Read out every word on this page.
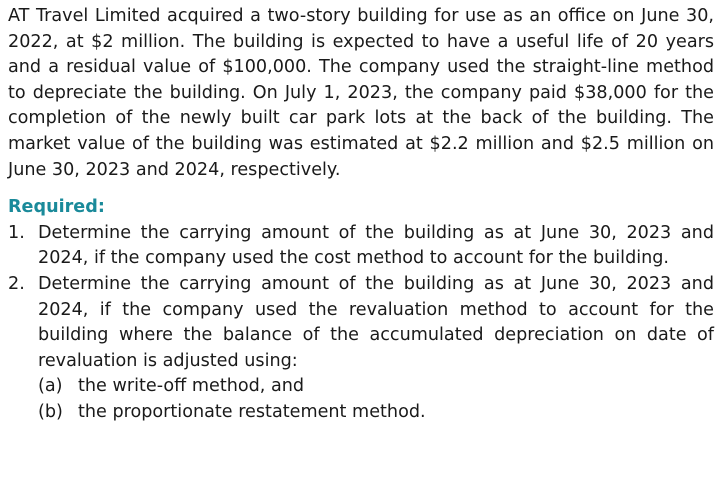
AT Travel Limited acquired a two-story building for use as an office on June 30, 2022, at $2 million. The building is expected to have a useful life of 20 years and a residual value of $100,000. The company used the straight-line method to depreciate the building. On July 1, 2023, the company paid $38,000 for the completion of the newly built car park lots at the back of the building. The market value of the building was estimated at $2.2 million and $2.5 million on June 30, 2023 and 2024, respectively.

Required:

1. Determine the carrying amount of the building as at June 30, 2023 and 2024, if the company used the cost method to account for the building.
2. Determine the carrying amount of the building as at June 30, 2023 and 2024, if the company used the revaluation method to account for the building where the balance of the accumulated depreciation on date of revaluation is adjusted using:
(a) the write-off method, and
(b) the proportionate restatement method.
